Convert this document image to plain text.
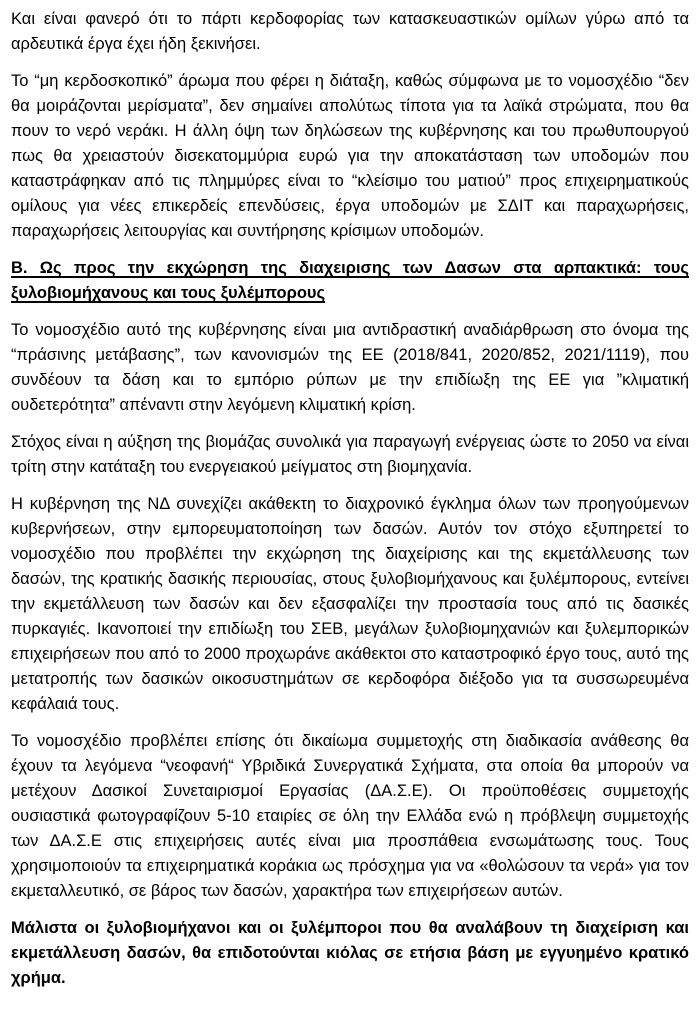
Και είναι φανερό ότι το πάρτι κερδοφορίας των κατασκευαστικών ομίλων γύρω από τα αρδευτικά έργα έχει ήδη ξεκινήσει.

Το “μη κερδοσκοπικό” άρωμα που φέρει η διάταξη, καθώς σύμφωνα με το νομοσχέδιο “δεν θα μοιράζονται μερίσματα”, δεν σημαίνει απολύτως τίποτα για τα λαϊκά στρώματα, που θα πουν το νερό νεράκι. Η άλλη όψη των δηλώσεων της κυβέρνησης και του πρωθυπουργού πως θα χρειαστούν δισεκατομμύρια ευρώ για την αποκατάσταση των υποδομών που καταστράφηκαν από τις πλημμύρες είναι το “κλείσιμο του ματιού” προς επιχειρηματικούς ομίλους για νέες επικερδείς επενδύσεις, έργα υποδομών με ΣΔΙΤ και παραχωρήσεις, παραχωρήσεις λειτουργίας και συντήρησης κρίσιμων υποδομών.

Β. Ως προς την εκχώρηση της διαχειρισης των Δασων στα αρπακτικά: τους ξυλοβιομήχανους και τους ξυλέμπορους

Το νομοσχέδιο αυτό της κυβέρνησης είναι μια αντιδραστική αναδιάρθρωση στο όνομα της “πράσινης μετάβασης”, των κανονισμών της ΕΕ (2018/841, 2020/852, 2021/1119), που συνδέουν τα δάση και το εμπόριο ρύπων με την επιδίωξη της ΕΕ για ”κλιματική ουδετερότητα” απέναντι στην λεγόμενη κλιματική κρίση.

Στόχος είναι η αύξηση της βιομάζας συνολικά για παραγωγή ενέργειας ώστε το 2050 να είναι τρίτη στην κατάταξη του ενεργειακού μείγματος στη βιομηχανία.

Η κυβέρνηση της ΝΔ συνεχίζει ακάθεκτη το διαχρονικό έγκλημα όλων των προηγούμενων κυβερνήσεων, στην εμπορευματοποίηση των δασών. Αυτόν τον στόχο εξυπηρετεί το νομοσχέδιο που προβλέπει την εκχώρηση της διαχείρισης και της εκμετάλλευσης των δασών, της κρατικής δασικής περιουσίας, στους ξυλοβιομήχανους και ξυλέμπορους, εντείνει την εκμετάλλευση των δασών και δεν εξασφαλίζει την προστασία τους από τις δασικές πυρκαγιές. Ικανοποιεί την επιδίωξη του ΣΕΒ, μεγάλων ξυλοβιομηχανιών και ξυλεμπορικών επιχειρήσεων που από το 2000 προχωράνε ακάθεκτοι στο καταστροφικό έργο τους, αυτό της μετατροπής των δασικών οικοσυστημάτων σε κερδοφόρα διέξοδο για τα συσσωρευμένα κεφάλαιά τους.

Το νομοσχέδιο προβλέπει επίσης ότι δικαίωμα συμμετοχής στη διαδικασία ανάθεσης θα έχουν τα λεγόμενα “νεοφανή“ Υβριδικά Συνεργατικά Σχήματα, στα οποία θα μπορούν να μετέχουν Δασικοί Συνεταιρισμοί Εργασίας (ΔΑ.Σ.Ε). Οι προϋποθέσεις συμμετοχής ουσιαστικά φωτογραφίζουν 5-10 εταιρίες σε όλη την Ελλάδα ενώ η πρόβλεψη συμμετοχής των ΔΑ.Σ.Ε στις επιχειρήσεις αυτές είναι μια προσπάθεια ενσωμάτωσης τους. Τους χρησιμοποιούν τα επιχειρηματικά κοράκια ως πρόσχημα για να «θολώσουν τα νερά» για τον εκμεταλλευτικό, σε βάρος των δασών, χαρακτήρα των επιχειρήσεων αυτών.

Μάλιστα οι ξυλοβιομήχανοι και οι ξυλέμποροι που θα αναλάβουν τη διαχείριση και εκμετάλλευση δασών, θα επιδοτούνται κιόλας σε ετήσια βάση με εγγυημένο κρατικό χρήμα.
